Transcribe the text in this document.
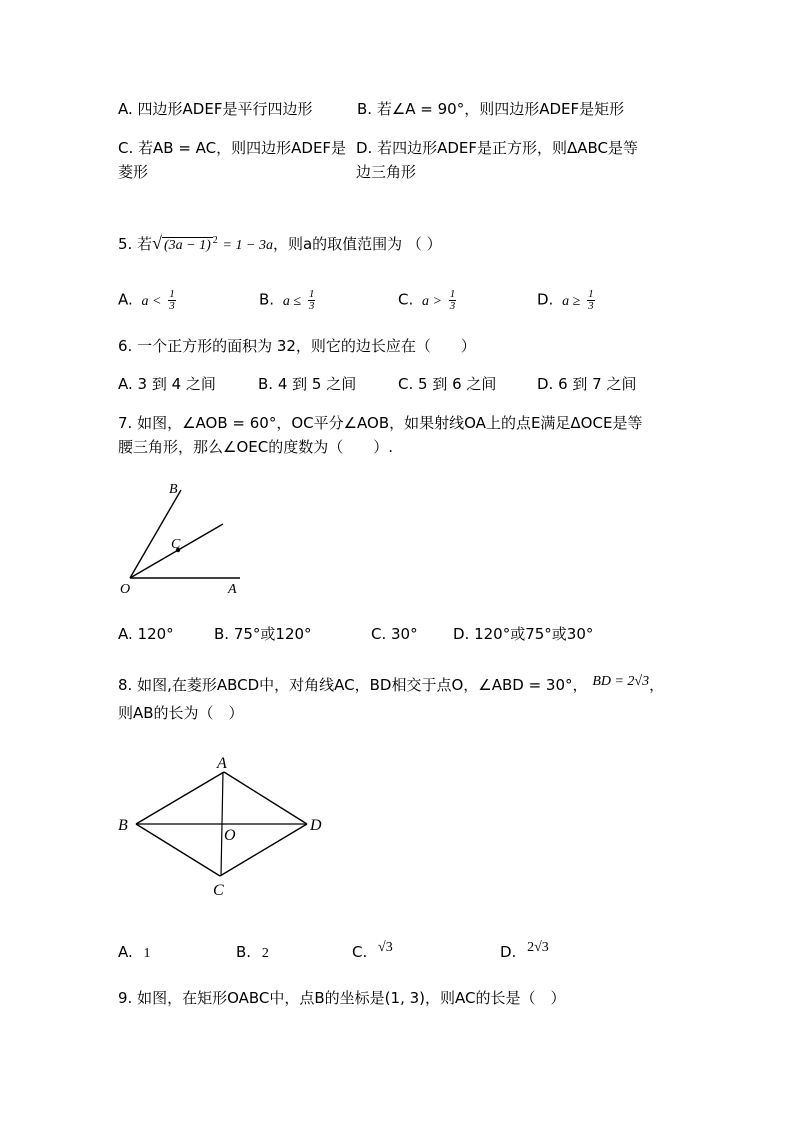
A. 四边形ADEF是平行四边形	B. 若∠A = 90°，则四边形ADEF是矩形
C. 若AB = AC，则四边形ADEF是
菱形
D. 若四边形ADEF是正方形，则ΔABC是等
边三角形
5. 若√ (3a − 1) $^2$ = 1 − 3a，则a的取值范围为 （ ）
A. $a < \frac{1}{3}$	B. $a \le \frac{1}{3}$	C. $a > \frac{1}{3}$	D. $a \ge \frac{1}{3}$
6. 一个正方形的面积为 32，则它的边长应在（　　）
A. 3 到 4 之间	B. 4 到 5 之间	C. 5 到 6 之间	D. 6 到 7 之间
7. 如图，∠AOB = 60°，OC平分∠AOB，如果射线OA上的点E满足ΔOCE是等
腰三角形，那么∠OEC的度数为（　　）.
B
C
O	A
A. 120°	B. 75°或120°	C. 30° D. 120°或75°或30°
8. 如图,在菱形ABCD中，对角线AC，BD相交于点O，∠ABD = 30°， BD = 2√3，
则AB的长为（　）
A
B
C
D
O
A. 1	B. 2	C. √3	D. 2√3
9. 如图，在矩形OABC中，点B的坐标是(1, 3)，则AC的长是（　）
